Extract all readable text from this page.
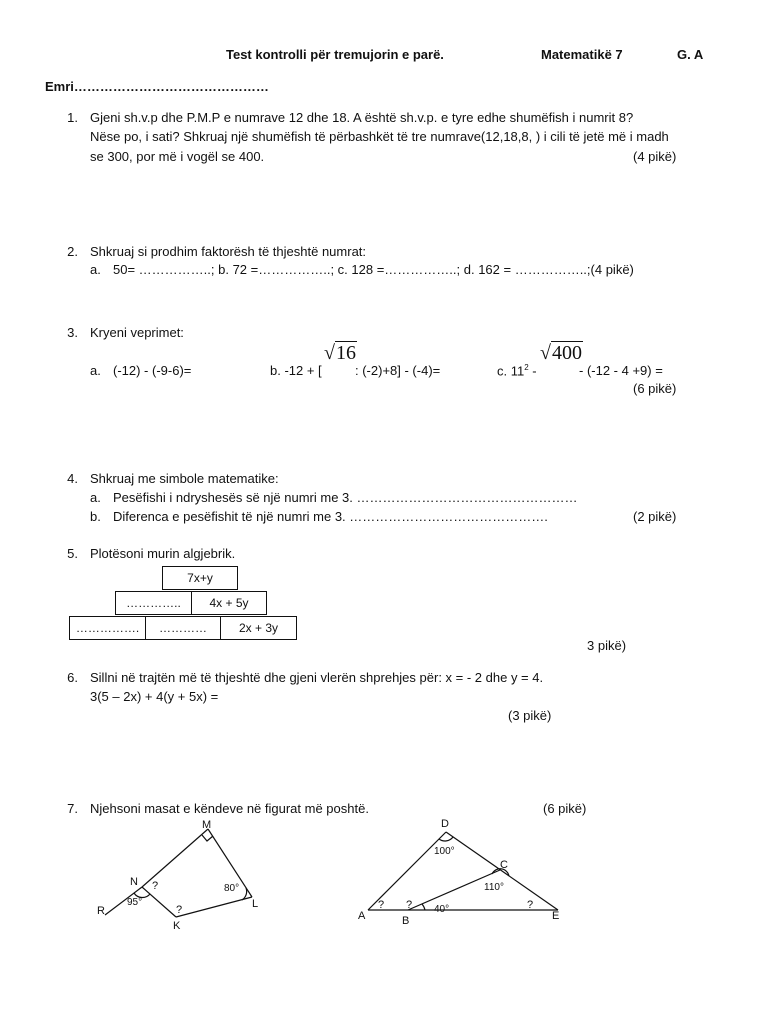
Test kontrolli për tremujorin e parë.	Matematikë 7	G. A
Emri………………………………………
1. Gjeni sh.v.p dhe P.M.P e numrave 12 dhe 18. A është sh.v.p. e tyre edhe shumëfish i numrit 8?
Nëse po, i sati? Shkruaj një shumëfish të përbashkët të tre numrave(12,18,8, ) i cili të jetë më i madh
se 300, por më i vogël se 400.	(4 pikë)
2. Shkruaj si prodhim faktorësh të thjeshtë numrat:
a. 50= ……………..; b. 72 =……………..; c. 128 =……………..; d. 162 = ……………..;(4 pikë)
3. Kryeni veprimet:
a. (-12) - (-9-6)=	b. -12 + [
√16
: (-2)+8] - (-4)=	c. $11^2$ -
√400
- (-12 - 4 +9) =
(6 pikë)
4. Shkruaj me simbole matematike:
a. Pesëfishi i ndryshesës së një numri me 3. ……………………………………………
b. Diferenca e pesëfishit të një numri me 3. ……………………………………….	(2 pikë)
5. Plotësoni murin algjebrik.
7x+y
…………..	4x + 5y
…………….	…………	2x + 3y
3 pikë)
6. Sillni në trajtën më të thjeshtë dhe gjeni vlerën shprehjes për: x = - 2 dhe y = 4.
3(5 – 2x) + 4(y + 5x) =
(3 pikë)
7. Njehsoni masat e këndeve në figurat më poshtë.	(6 pikë)
M
N
R
K
L
95°
80°
?
?
D
C
A	B	E
100°
110°
40°
? ?	?
